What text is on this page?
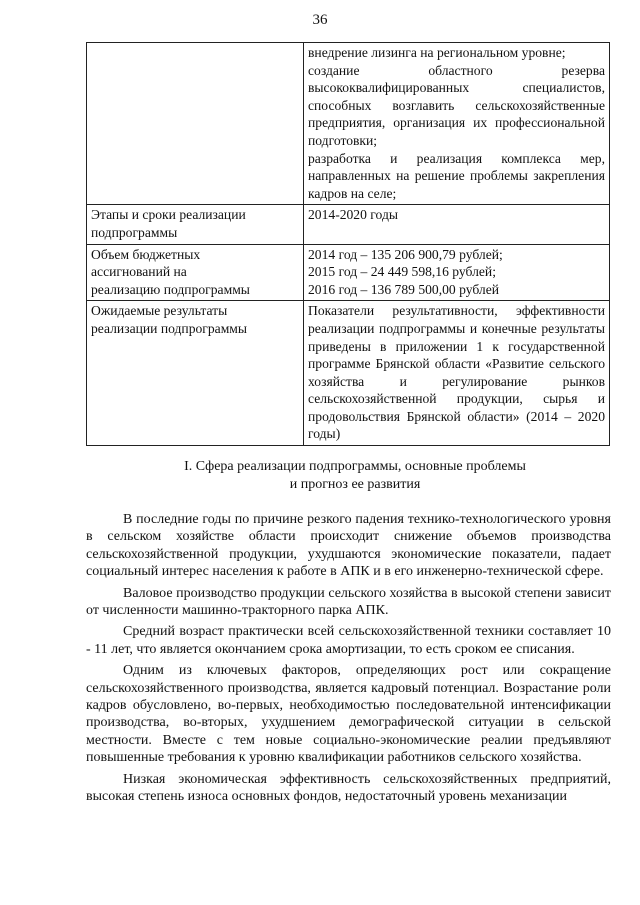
36

	внедрение лизинга на региональном уровне;
создание областного резерва высококвалифицированных специалистов, способных возглавить сельскохозяйственные предприятия, организация их профессиональной подготовки;
разработка и реализация комплекса мер, направленных на решение проблемы закрепления кадров на селе;

Этапы и сроки реализации
подпрограммы	2014-2020 годы

Объем бюджетных
ассигнований на
реализацию подпрограммы	2014 год – 135 206 900,79 рублей;
2015 год – 24 449 598,16 рублей;
2016 год – 136 789 500,00 рублей

Ожидаемые результаты
реализации подпрограммы	Показатели результативности, эффективности реализации подпрограммы и конечные результаты приведены в приложении 1 к государственной программе Брянской области «Развитие сельского хозяйства и регулирование рынков сельскохозяйственной продукции, сырья и продовольствия Брянской области» (2014 – 2020 годы)
I. Сфера реализации подпрограммы, основные проблемы
и прогноз ее развития

В последние годы по причине резкого падения технико-технологического уровня в сельском хозяйстве области происходит снижение объемов производства сельскохозяйственной продукции, ухудшаются экономические показатели, падает социальный интерес населения к работе в АПК и в его инженерно-технической сфере.

Валовое производство продукции сельского хозяйства в высокой степени зависит от численности машинно-тракторного парка АПК.

Средний возраст практически всей сельскохозяйственной техники составляет 10 - 11 лет, что является окончанием срока амортизации, то есть сроком ее списания.

Одним из ключевых факторов, определяющих рост или сокращение сельскохозяйственного производства, является кадровый потенциал. Возрастание роли кадров обусловлено, во-первых, необходимостью последовательной интенсификации производства, во-вторых, ухудшением демографической ситуации в сельской местности. Вместе с тем новые социально-экономические реалии предъявляют повышенные требования к уровню квалификации работников сельского хозяйства.

Низкая экономическая эффективность сельскохозяйственных предприятий, высокая степень износа основных фондов, недостаточный уровень механизации
